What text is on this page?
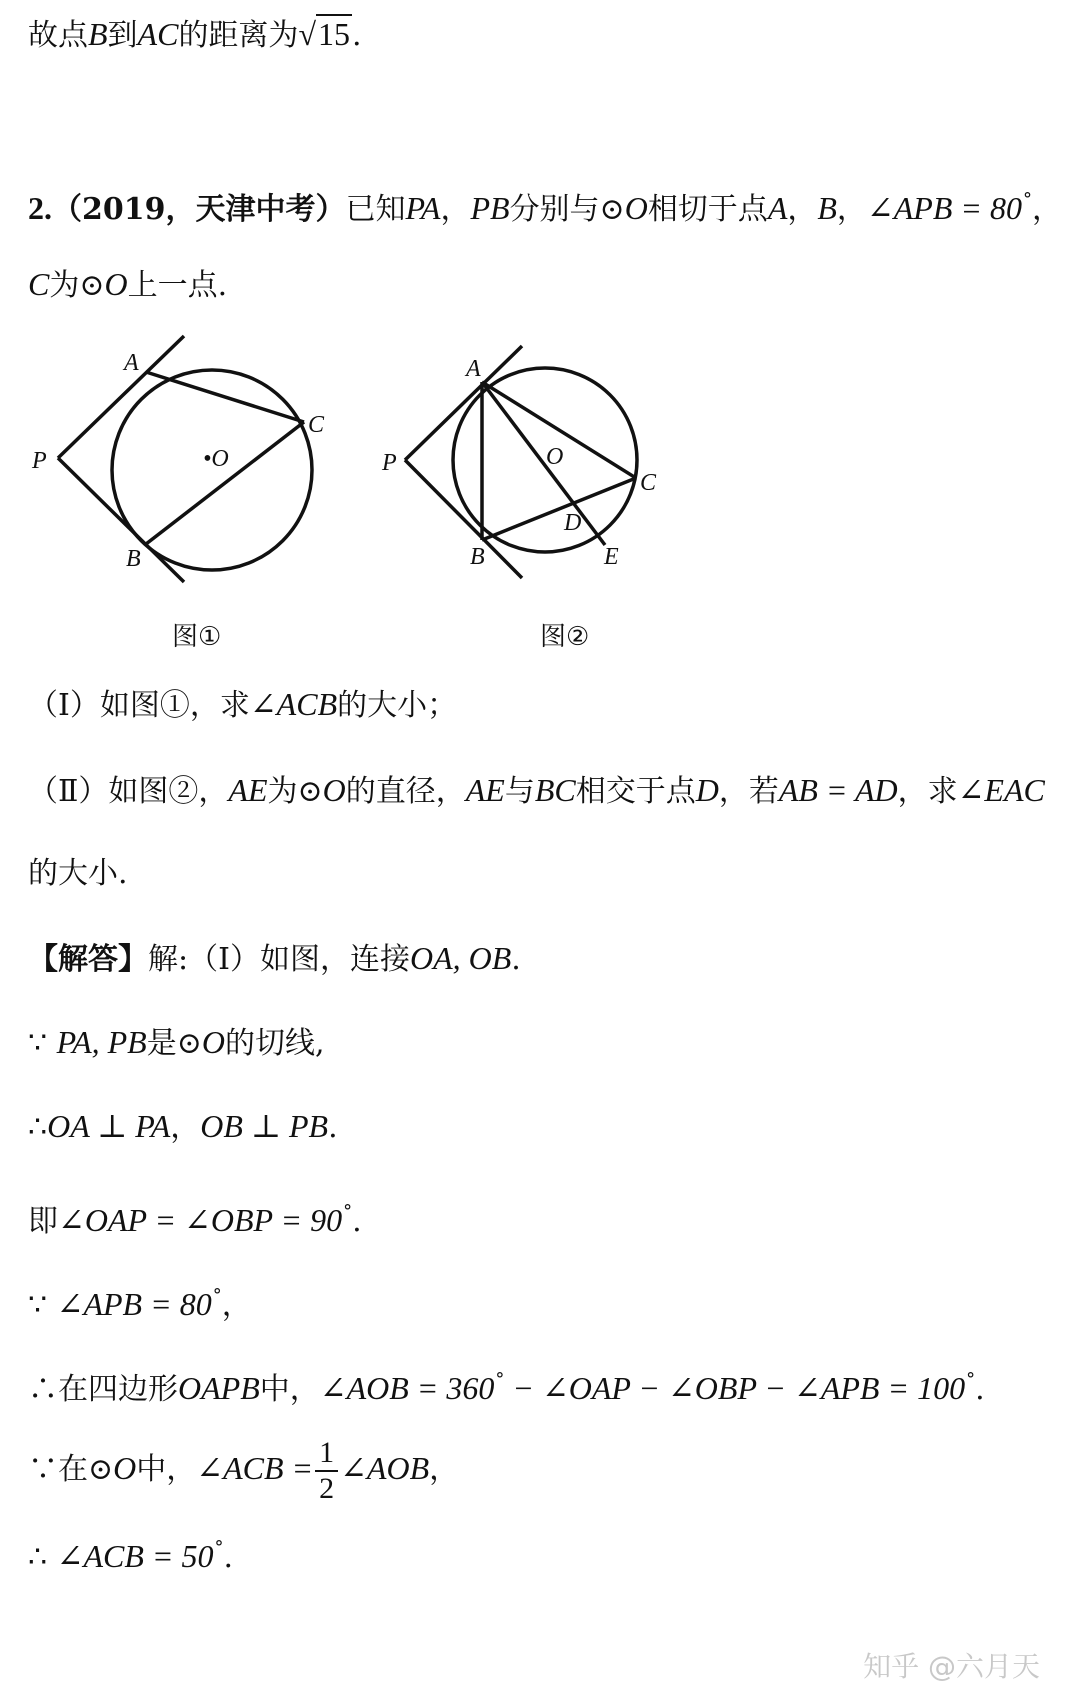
故点B到AC的距离为√15.
2.（2019，天津中考）已知PA，PB分别与⊙O相切于点A，B，∠APB = 80°，
C为⊙O上一点.
A
B
C
P	•O
图①
A
B
C
P	O
D
E
图②
（Ⅰ）如图①，求∠ACB的大小；
（Ⅱ）如图②，AE为⊙O的直径，AE与BC相交于点D，若AB = AD，求∠EAC
的大小.
【解答】解:（Ⅰ）如图，连接OA, OB.
∵ PA, PB是⊙O的切线,
∴OA ⊥ PA，OB ⊥ PB.
即∠OAP = ∠OBP = 90°.
∵ ∠APB = 80°，
∴在四边形OAPB中，∠AOB = 360° − ∠OAP − ∠OBP − ∠APB = 100°.
∵在⊙O中，∠ACB = $\frac{1}{2}$ ∠AOB，
∴ ∠ACB = 50°.
知乎 @六月天
